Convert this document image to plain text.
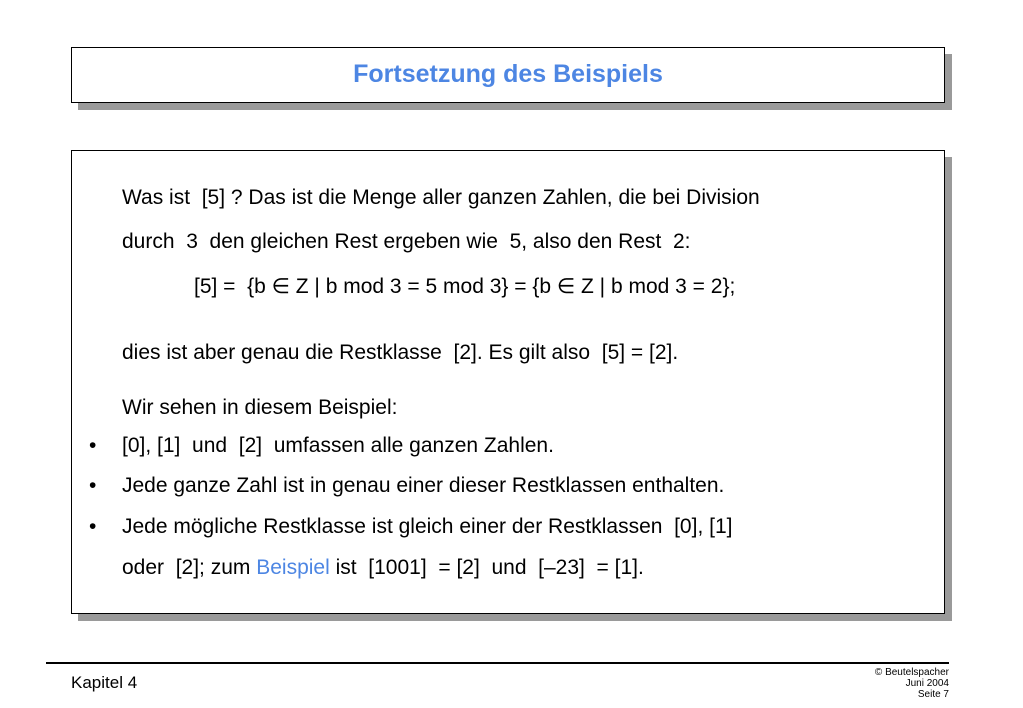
Fortsetzung des Beispiels
Was ist  [5] ? Das ist die Menge aller ganzen Zahlen, die bei Division
durch  3  den gleichen Rest ergeben wie  5, also den Rest  2:
[5] =  {b ∈ Z | b mod 3 = 5 mod 3} = {b ∈ Z | b mod 3 = 2};
dies ist aber genau die Restklasse  [2]. Es gilt also  [5] = [2].
Wir sehen in diesem Beispiel:
• [0], [1]  und  [2]  umfassen alle ganzen Zahlen.
• Jede ganze Zahl ist in genau einer dieser Restklassen enthalten.
• Jede mögliche Restklasse ist gleich einer der Restklassen  [0], [1]
oder  [2]; zum Beispiel ist  [1001]  = [2]  und  [–23]  = [1].
Kapitel 4
© Beutelspacher
Juni 2004
Seite 7
